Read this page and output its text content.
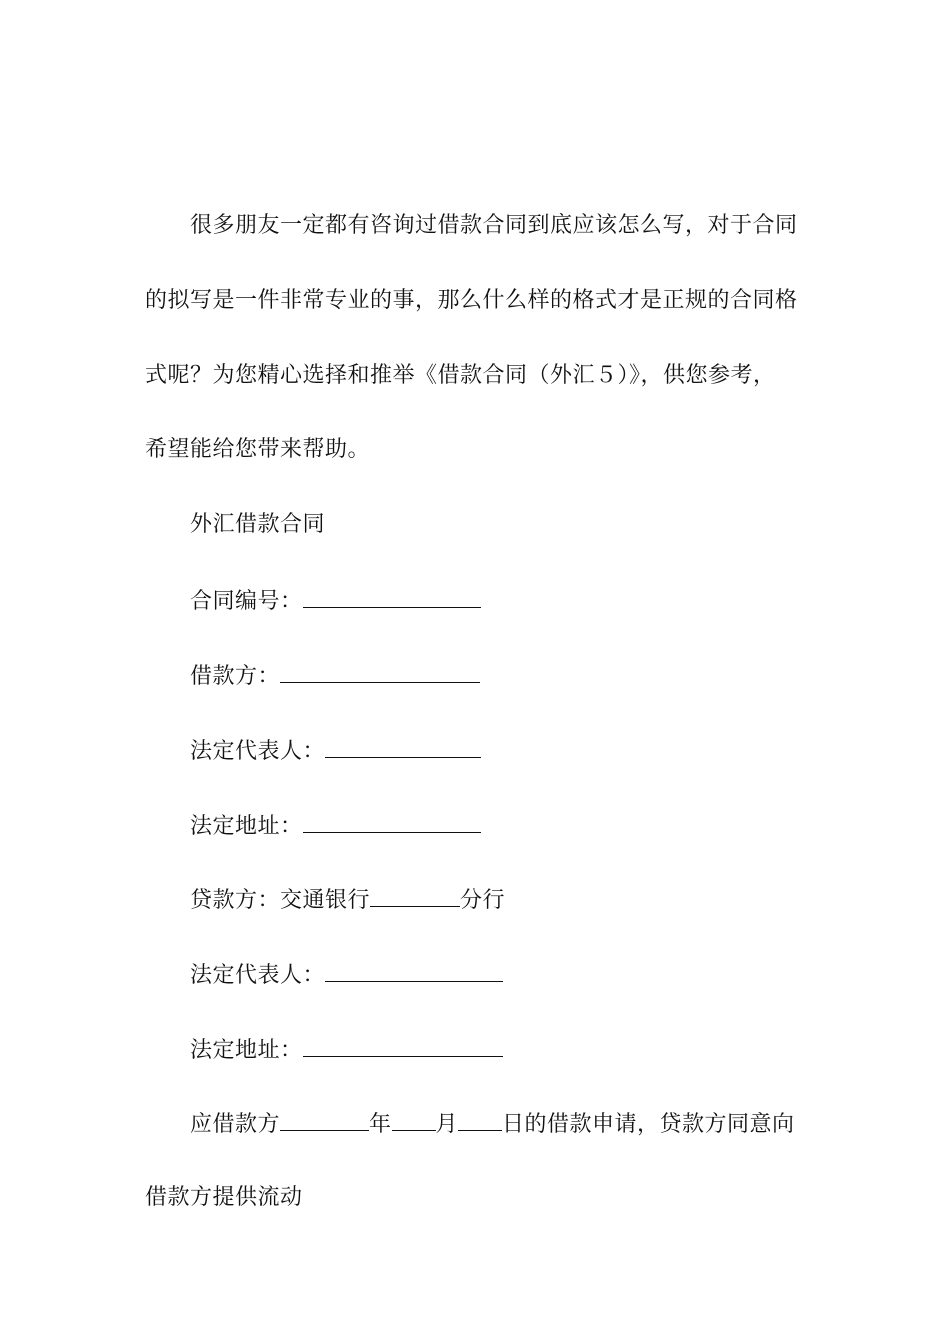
很多朋友一定都有咨询过借款合同到底应该怎么写，对于合同
的拟写是一件非常专业的事，那么什么样的格式才是正规的合同格
式呢？为您精心选择和推举《借款合同（外汇５）》，供您参考，
希望能给您带来帮助。
外汇借款合同
合同编号：
借款方：
法定代表人：
法定地址：
贷款方：交通银行	分行
法定代表人：
法定地址：
应借款方	年 月 日的借款申请，贷款方同意向
借款方提供流动
